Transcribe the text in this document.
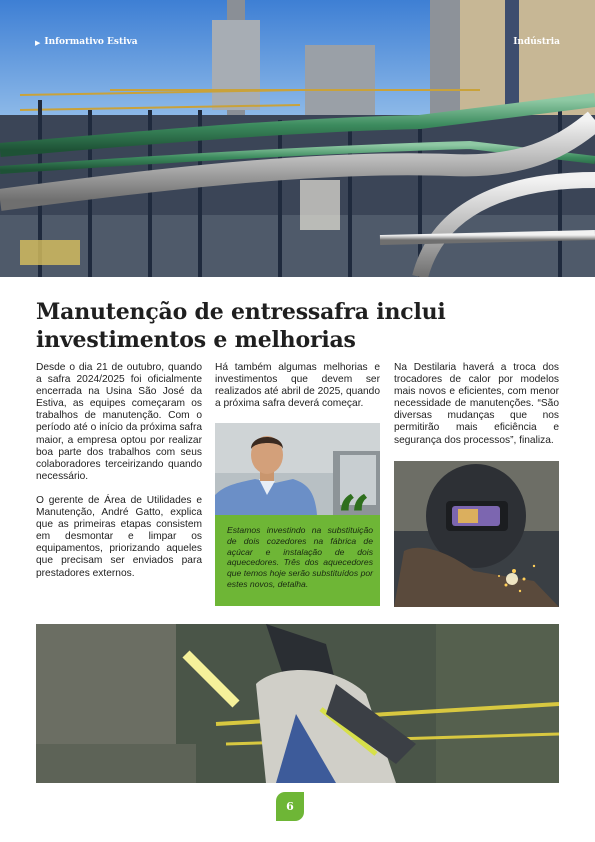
▶ Informativo Estiva	Indústria
Manutenção de entressafra inclui investimentos e melhorias

Desde o dia 21 de outubro, quando a safra 2024/2025 foi oficialmente encerrada na Usina São José da Estiva, as equipes começaram os trabalhos de manutenção. Com o período até o início da próxima safra maior, a empresa optou por realizar boa parte dos trabalhos com seus colaboradores terceirizando quando necessário.

O gerente de Área de Utilidades e Manutenção, André Gatto, explica que as primeiras etapas consistem em desmontar e limpar os equipamentos, priorizando aqueles que precisam ser enviados para prestadores externos.

Há também algumas melhorias e investimentos que devem ser realizados até abril de 2025, quando a próxima safra deverá começar.

“
Estamos investindo na substituição de dois cozedores na fábrica de açúcar e instalação de dois aquecedores. Três dos aquecedores que temos hoje serão substituídos por estes novos, detalha.

Na Destilaria haverá a troca dos trocadores de calor por modelos mais novos e eficientes, com menor necessidade de manutenções. “São diversas mudanças que nos permitirão mais eficiência e segurança dos processos”, finaliza.

6
